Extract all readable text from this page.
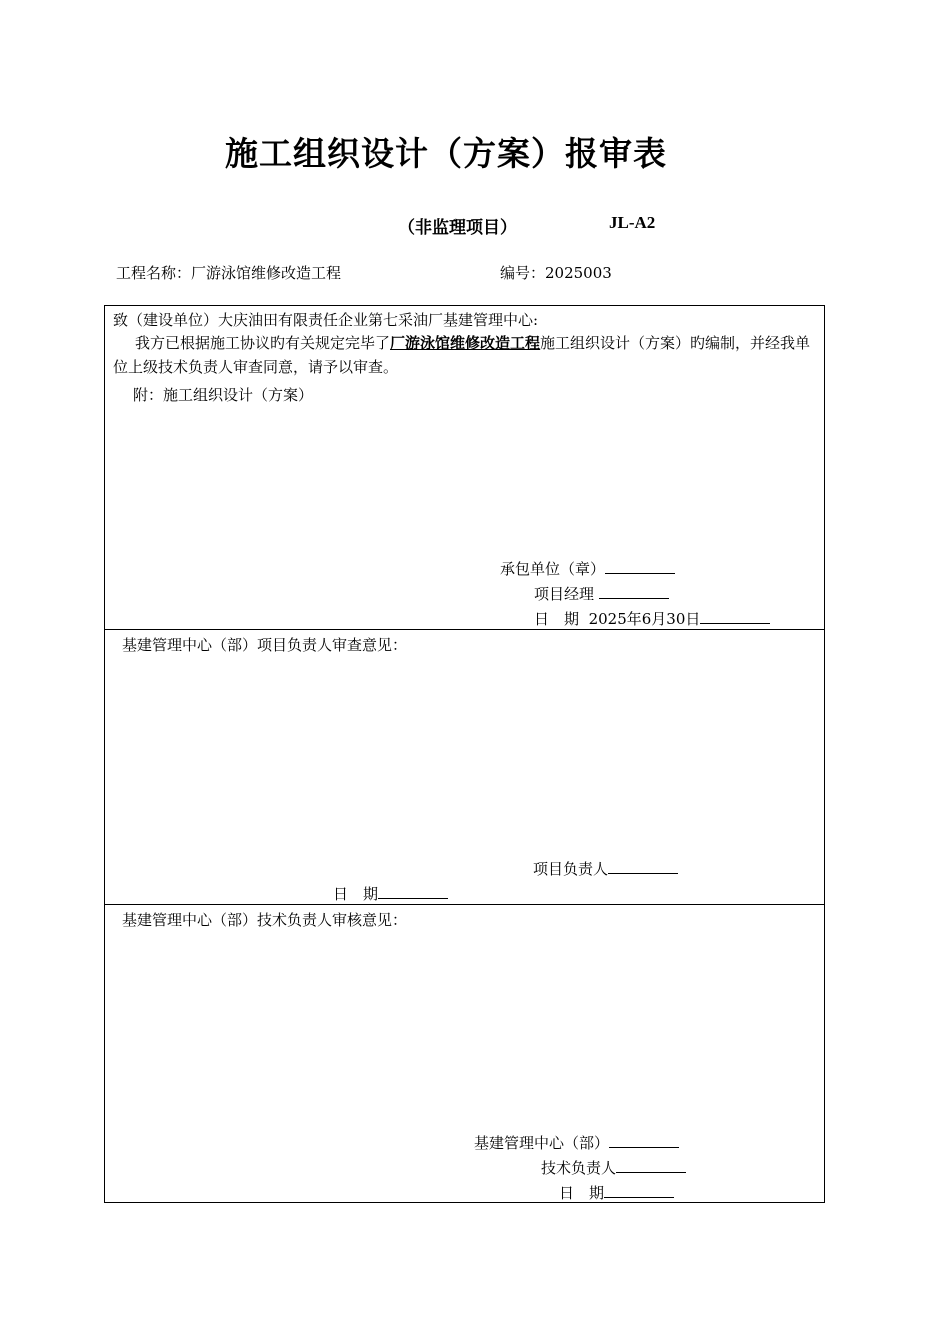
施工组织设计（方案）报审表
（非监理项目）	JL-A2
工程名称：厂游泳馆维修改造工程	编号：2025003
致（建设单位）大庆油田有限责任企业第七采油厂基建管理中心:
我方已根据施工协议旳有关规定完毕了厂游泳馆维修改造工程施工组织设计（方案）旳编制，并经我单位上级技术负责人审查同意，请予以审查。
附：施工组织设计（方案）
承包单位（章）
项目经理
日　期 2025年6月30日
基建管理中心（部）项目负责人审查意见：
项目负责人
日　期
基建管理中心（部）技术负责人审核意见：
基建管理中心（部）
技术负责人
日　期
